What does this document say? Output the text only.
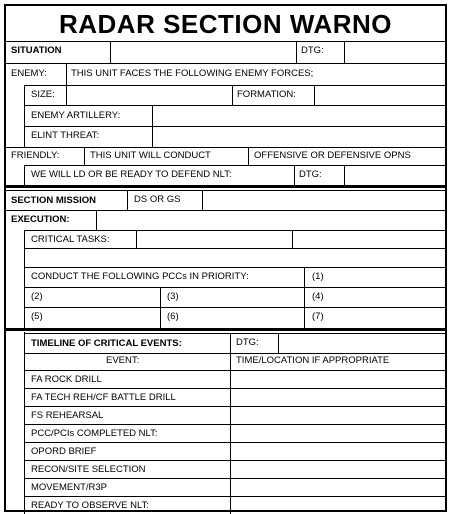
RADAR SECTION WARNO
SITUATION	DTG:
ENEMY:	THIS UNIT FACES THE FOLLOWING ENEMY FORCES;
SIZE:	FORMATION:
ENEMY ARTILLERY:
ELINT THREAT:
FRIENDLY:	THIS UNIT WILL CONDUCT	OFFENSIVE OR DEFENSIVE OPNS
WE WILL LD OR BE READY TO DEFEND NLT:	DTG:
SECTION MISSION	DS OR GS
EXECUTION:
CRITICAL TASKS:
CONDUCT THE FOLLOWING PCCs IN PRIORITY:	(1)
(2)	(3)	(4)
(5)	(6)	(7)
TIMELINE OF CRITICAL EVENTS:	DTG:
EVENT:	TIME/LOCATION IF APPROPRIATE
FA ROCK DRILL
FA TECH REH/CF BATTLE DRILL
FS REHEARSAL
PCC/PCIs COMPLETED NLT:
OPORD BRIEF
RECON/SITE SELECTION
MOVEMENT/R3P
READY TO OBSERVE NLT:
